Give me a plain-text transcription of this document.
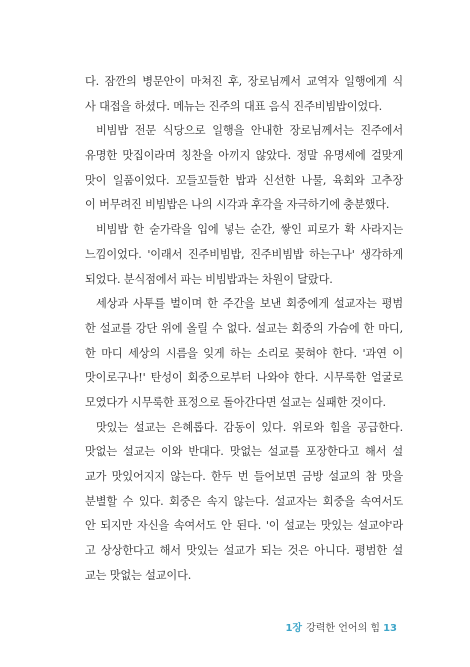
다. 잠깐의 병문안이 마쳐진 후, 장로님께서 교역자 일행에게 식
사 대접을 하셨다. 메뉴는 진주의 대표 음식 진주비빔밥이었다.
비빔밥 전문 식당으로 일행을 안내한 장로님께서는 진주에서
유명한 맛집이라며 칭찬을 아끼지 않았다. 정말 유명세에 걸맞게
맛이 일품이었다. 꼬들꼬들한 밥과 신선한 나물, 육회와 고추장
이 버무려진 비빔밥은 나의 시각과 후각을 자극하기에 충분했다.
비빔밥 한 숟가락을 입에 넣는 순간, 쌓인 피로가 확 사라지는
느낌이었다. '이래서 진주비빔밥, 진주비빔밥 하는구나' 생각하게
되었다. 분식점에서 파는 비빔밥과는 차원이 달랐다.
세상과 사투를 벌이며 한 주간을 보낸 회중에게 설교자는 평범
한 설교를 강단 위에 올릴 수 없다. 설교는 회중의 가슴에 한 마디,
한 마디 세상의 시름을 잊게 하는 소리로 꽂혀야 한다. '과연 이
맛이로구나!' 탄성이 회중으로부터 나와야 한다. 시무룩한 얼굴로
모였다가 시무룩한 표정으로 돌아간다면 설교는 실패한 것이다.
맛있는 설교는 은혜롭다. 감동이 있다. 위로와 힘을 공급한다.
맛없는 설교는 이와 반대다. 맛없는 설교를 포장한다고 해서 설
교가 맛있어지지 않는다. 한두 번 들어보면 금방 설교의 참 맛을
분별할 수 있다. 회중은 속지 않는다. 설교자는 회중을 속여서도
안 되지만 자신을 속여서도 안 된다. '이 설교는 맛있는 설교야'라
고 상상한다고 해서 맛있는 설교가 되는 것은 아니다. 평범한 설
교는 맛없는 설교이다.
1장 강력한 언어의 힘 13
